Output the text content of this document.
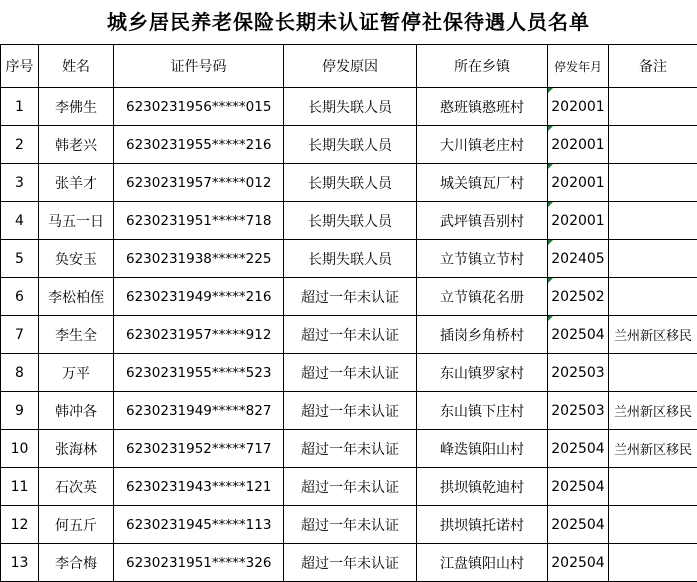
城乡居民养老保险长期未认证暂停社保待遇人员名单
序号	姓名	证件号码	停发原因	所在乡镇	停发年月	备注
1	李佛生	6230231956*****015	长期失联人员	憨班镇憨班村	202001

2	韩老兴	6230231955*****216	长期失联人员	大川镇老庄村	202001

3	张羊才	6230231957*****012	长期失联人员	城关镇瓦厂村	202001

4	马五一日	6230231951*****718	长期失联人员	武坪镇吾别村	202001

5	奂安玉	6230231938*****225	长期失联人员	立节镇立节村	202405

6	李松柏侄	6230231949*****216	超过一年未认证	立节镇花名册	202502

7	李生全	6230231957*****912	超过一年未认证	插岗乡角桥村	202504	兰州新区移民
8	万平	6230231955*****523	超过一年未认证	东山镇罗家村	202503	
9	韩冲各	6230231949*****827	超过一年未认证	东山镇下庄村	202503	兰州新区移民
10	张海林	6230231952*****717	超过一年未认证	峰迭镇阳山村	202504	兰州新区移民
11	石次英	6230231943*****121	超过一年未认证	拱坝镇乾迪村	202504	
12	何五斤	6230231945*****113	超过一年未认证	拱坝镇托诺村	202504	
13	李合梅	6230231951*****326	超过一年未认证	江盘镇阳山村	202504	
